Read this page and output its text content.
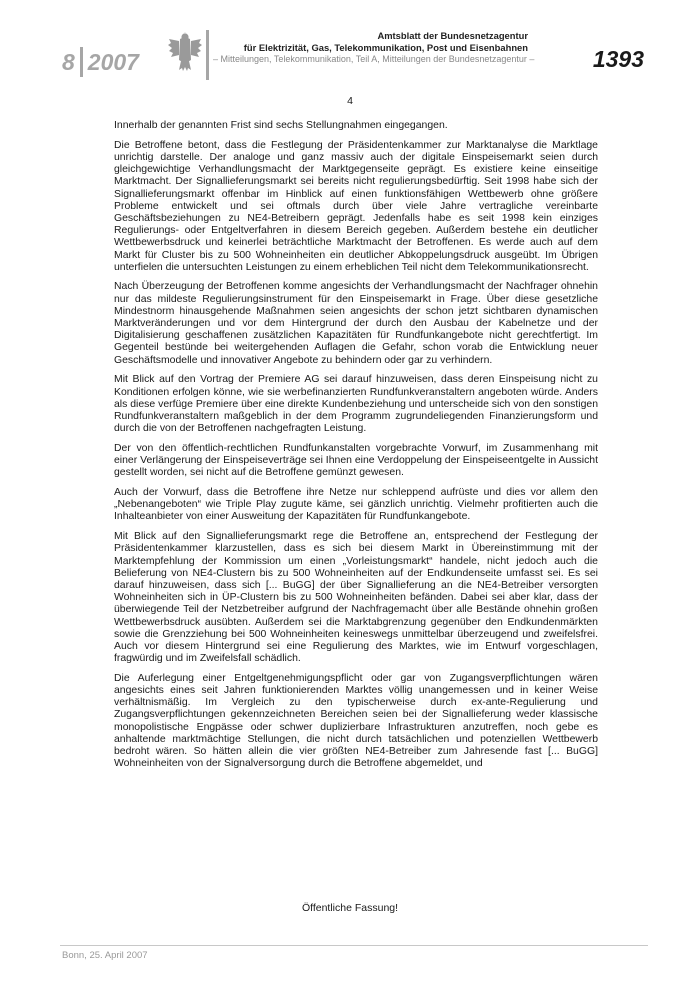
8 2007
Amtsblatt der Bundesnetzagentur
für Elektrizität, Gas, Telekommunikation, Post und Eisenbahnen
– Mitteilungen, Telekommunikation, Teil A, Mitteilungen der Bundesnetzagentur –	1393
4

Innerhalb der genannten Frist sind sechs Stellungnahmen eingegangen.

Die Betroffene betont, dass die Festlegung der Präsidentenkammer zur Marktanalyse die Marktlage unrichtig darstelle. Der analoge und ganz massiv auch der digitale Einspeisemarkt seien durch gleichgewichtige Verhandlungsmacht der Marktgegenseite geprägt. Es existiere keine einseitige Marktmacht. Der Signallieferungsmarkt sei bereits nicht regulierungsbedürftig. Seit 1998 habe sich der Signallieferungsmarkt offenbar im Hinblick auf einen funktionsfähigen Wettbewerb ohne größere Probleme entwickelt und sei oftmals durch über viele Jahre vertragliche vereinbarte Geschäftsbeziehungen zu NE4-Betreibern geprägt. Jedenfalls habe es seit 1998 kein einziges Regulierungs- oder Entgeltverfahren in diesem Bereich gegeben. Außerdem bestehe ein deutlicher Wettbewerbsdruck und keinerlei beträchtliche Marktmacht der Betroffenen. Es werde auch auf dem Markt für Cluster bis zu 500 Wohneinheiten ein deutlicher Abkoppelungsdruck ausgeübt. Im Übrigen unterfielen die untersuchten Leistungen zu einem erheblichen Teil nicht dem Telekommunikationsrecht.

Nach Überzeugung der Betroffenen komme angesichts der Verhandlungsmacht der Nachfrager ohnehin nur das mildeste Regulierungsinstrument für den Einspeisemarkt in Frage. Über diese gesetzliche Mindestnorm hinausgehende Maßnahmen seien angesichts der schon jetzt sichtbaren dynamischen Marktveränderungen und vor dem Hintergrund der durch den Ausbau der Kabelnetze und der Digitalisierung geschaffenen zusätzlichen Kapazitäten für Rundfunkangebote nicht gerechtfertigt. Im Gegenteil bestünde bei weitergehenden Auflagen die Gefahr, schon vorab die Entwicklung neuer Geschäftsmodelle und innovativer Angebote zu behindern oder gar zu verhindern.

Mit Blick auf den Vortrag der Premiere AG sei darauf hinzuweisen, dass deren Einspeisung nicht zu Konditionen erfolgen könne, wie sie werbefinanzierten Rundfunkveranstaltern angeboten würde. Anders als diese verfüge Premiere über eine direkte Kundenbeziehung und unterscheide sich von den sonstigen Rundfunkveranstaltern maßgeblich in der dem Programm zugrundeliegenden Finanzierungsform und durch die von der Betroffenen nachgefragten Leistung.

Der von den öffentlich-rechtlichen Rundfunkanstalten vorgebrachte Vorwurf, im Zusammenhang mit einer Verlängerung der Einspeiseverträge sei Ihnen eine Verdoppelung der Einspeiseentgelte in Aussicht gestellt worden, sei nicht auf die Betroffene gemünzt gewesen.

Auch der Vorwurf, dass die Betroffene ihre Netze nur schleppend aufrüste und dies vor allem den „Nebenangeboten“ wie Triple Play zugute käme, sei gänzlich unrichtig. Vielmehr profitierten auch die Inhalteanbieter von einer Ausweitung der Kapazitäten für Rundfunkangebote.

Mit Blick auf den Signallieferungsmarkt rege die Betroffene an, entsprechend der Festlegung der Präsidentenkammer klarzustellen, dass es sich bei diesem Markt in Übereinstimmung mit der Marktempfehlung der Kommission um einen „Vorleistungsmarkt“ handele, nicht jedoch auch die Belieferung von NE4-Clustern bis zu 500 Wohneinheiten auf der Endkundenseite umfasst sei. Es sei darauf hinzuweisen, dass sich [... BuGG] der über Signallieferung an die NE4-Betreiber versorgten Wohneinheiten sich in ÜP-Clustern bis zu 500 Wohneinheiten befänden. Dabei sei aber klar, dass der überwiegende Teil der Netzbetreiber aufgrund der Nachfragemacht über alle Bestände ohnehin großen Wettbewerbsdruck ausübten. Außerdem sei die Marktabgrenzung gegenüber den Endkundenmärkten sowie die Grenzziehung bei 500 Wohneinheiten keineswegs unmittelbar überzeugend und zweifelsfrei. Auch vor diesem Hintergrund sei eine Regulierung des Marktes, wie im Entwurf vorgeschlagen, fragwürdig und im Zweifelsfall schädlich.

Die Auferlegung einer Entgeltgenehmigungspflicht oder gar von Zugangsverpflichtungen wären angesichts eines seit Jahren funktionierenden Marktes völlig unangemessen und in keiner Weise verhältnismäßig. Im Vergleich zu den typischerweise durch ex-ante-Regulierung und Zugangsverpflichtungen gekennzeichneten Bereichen seien bei der Signallieferung weder klassische monopolistische Engpässe oder schwer duplizierbare Infrastrukturen anzutreffen, noch gebe es anhaltende marktmächtige Stellungen, die nicht durch tatsächlichen und potenziellen Wettbewerb bedroht wären. So hätten allein die vier größten NE4-Betreiber zum Jahresende fast [... BuGG] Wohneinheiten von der Signalversorgung durch die Betroffene abgemeldet, und

Öffentliche Fassung!
Bonn, 25. April 2007
